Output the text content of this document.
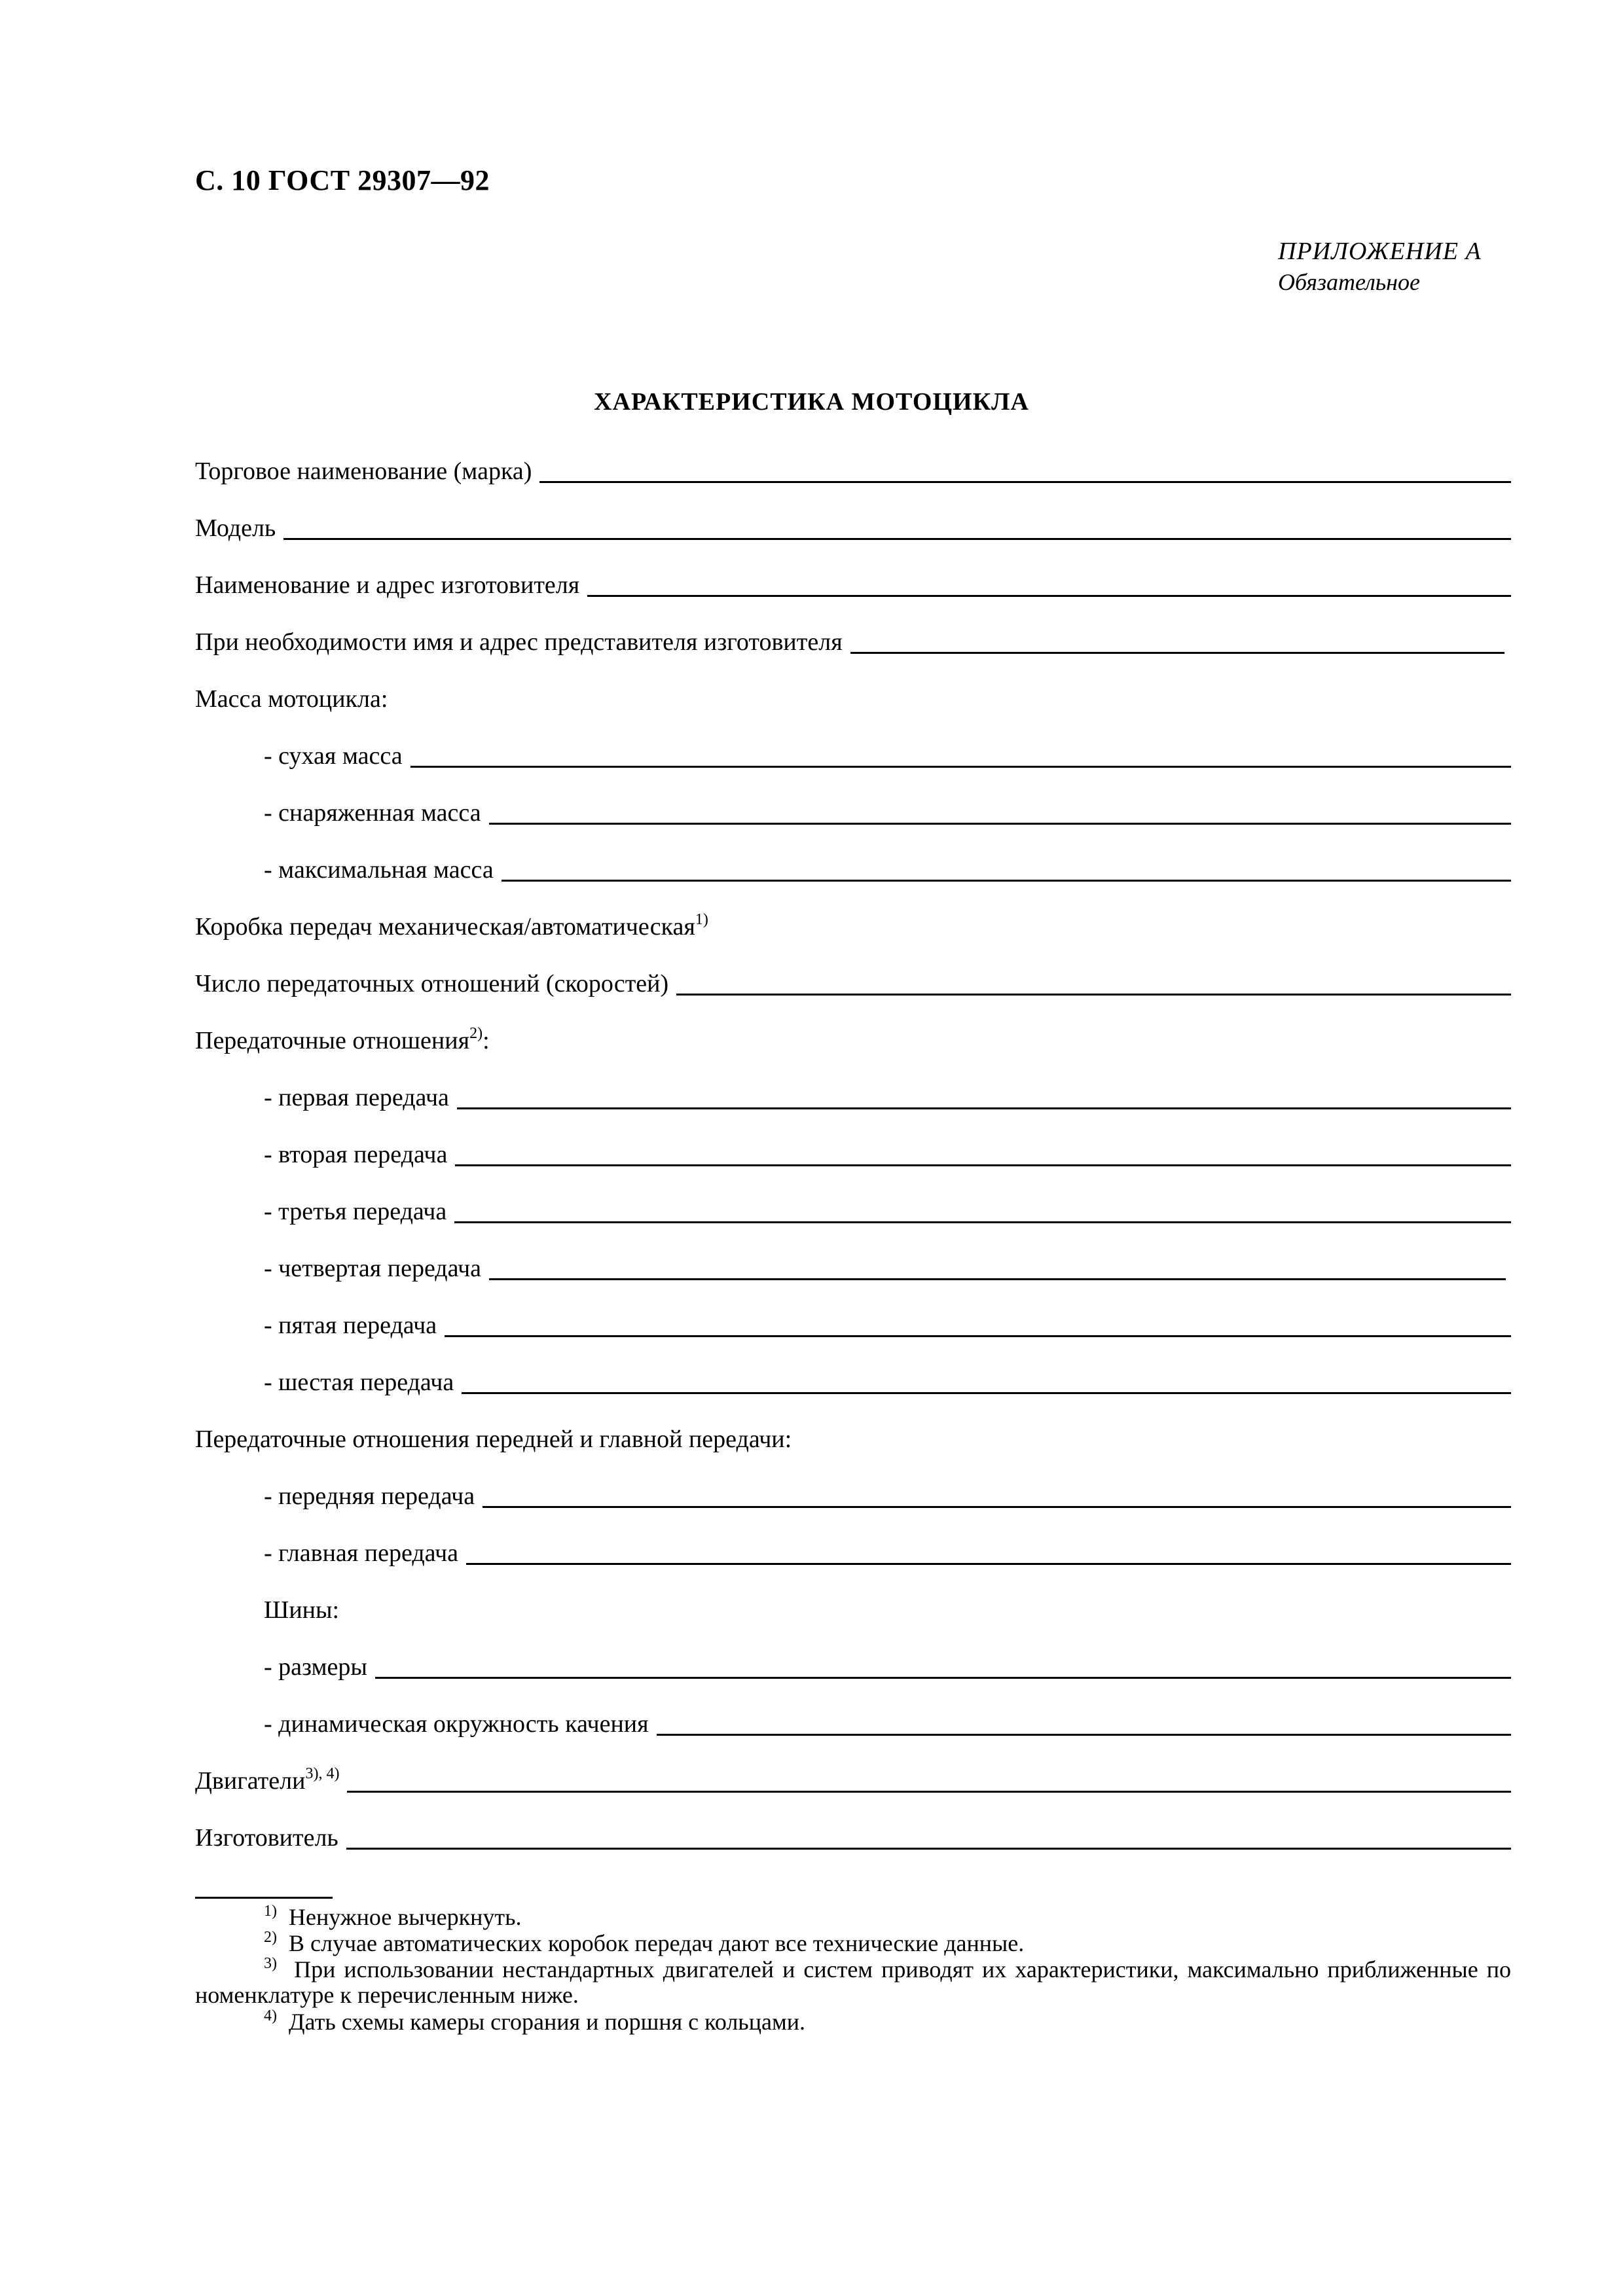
С. 10 ГОСТ 29307—92
ПРИЛОЖЕНИЕ А
Обязательное
ХАРАКТЕРИСТИКА МОТОЦИКЛА
Торговое наименование (марка)
Модель
Наименование и адрес изготовителя
При необходимости имя и адрес представителя изготовителя
Масса мотоцикла:
- сухая масса
- снаряженная масса
- максимальная масса
Коробка передач механическая/автоматическая$^{1)}$
Число передаточных отношений (скоростей)
Передаточные отношения$^{2)}$:
- первая передача
- вторая передача
- третья передача
- четвертая передача
- пятая передача
- шестая передача
Передаточные отношения передней и главной передачи:
- передняя передача
- главная передача
Шины:
- размеры
- динамическая окружность качения
Двигатели$^{3), 4)}$
Изготовитель
$^{1)}$ Ненужное вычеркнуть.
$^{2)}$ В случае автоматических коробок передач дают все технические данные.
$^{3)}$ При использовании нестандартных двигателей и систем приводят их характеристики, максимально приближенные по номенклатуре к перечисленным ниже.
$^{4)}$ Дать схемы камеры сгорания и поршня с кольцами.
